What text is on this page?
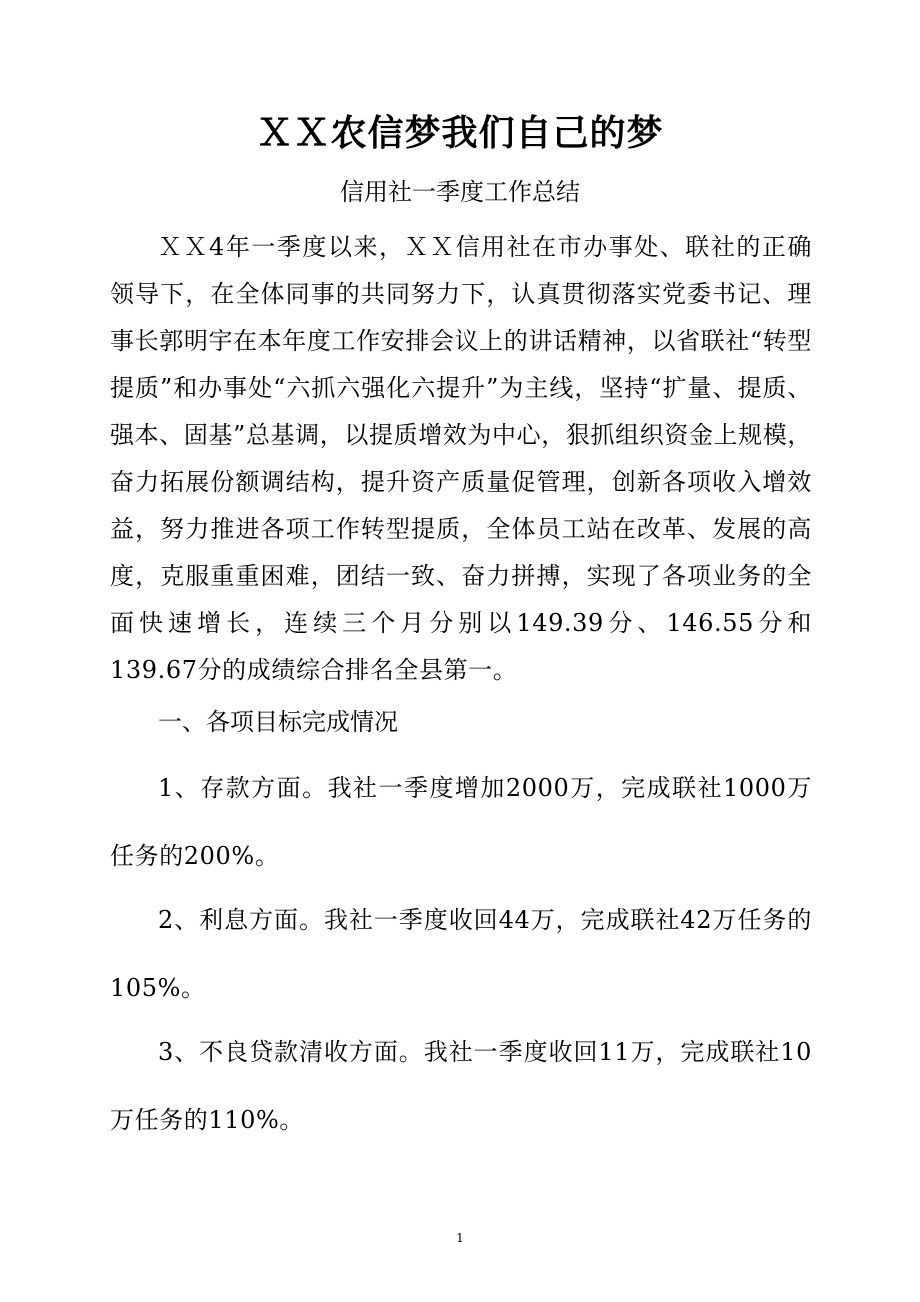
ＸＸ农信梦我们自己的梦
信用社一季度工作总结
ＸＸ4年一季度以来，ＸＸ信用社在市办事处、联社的正确领导下，在全体同事的共同努力下，认真贯彻落实党委书记、理事长郭明宇在本年度工作安排会议上的讲话精神，以省联社“转型提质”和办事处“六抓六强化六提升”为主线，坚持“扩量、提质、强本、固基”总基调，以提质增效为中心，狠抓组织资金上规模，奋力拓展份额调结构，提升资产质量促管理，创新各项收入增效益，努力推进各项工作转型提质，全体员工站在改革、发展的高度，克服重重困难，团结一致、奋力拼搏，实现了各项业务的全面快速增长，连续三个月分别以149.39分、146.55分和139.67分的成绩综合排名全县第一。
一、各项目标完成情况
1、存款方面。我社一季度增加2000万，完成联社1000万任务的200%。
2、利息方面。我社一季度收回44万，完成联社42万任务的105%。
3、不良贷款清收方面。我社一季度收回11万，完成联社10万任务的110%。
1
